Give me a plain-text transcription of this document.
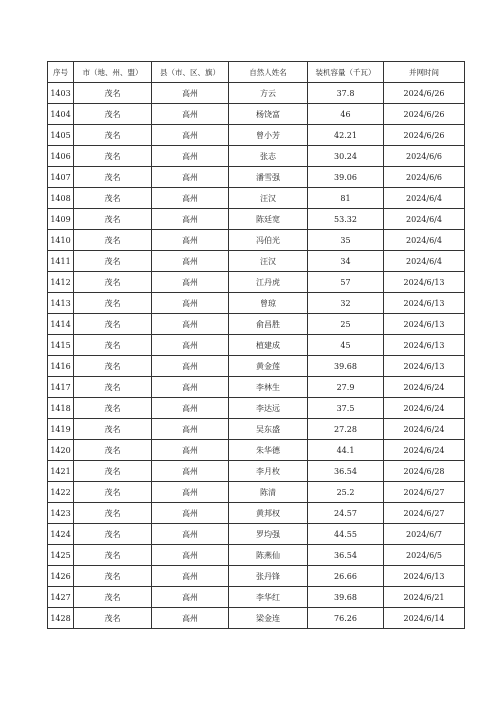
序号	市（地、州、盟）	县（市、区、旗）	自然人姓名	装机容量（千瓦）	并网时间
1403	茂名	高州	方云	37.8	2024/6/26
1404	茂名	高州	杨饶富	46	2024/6/26
1405	茂名	高州	曾小芳	42.21	2024/6/26
1406	茂名	高州	张志	30.24	2024/6/6
1407	茂名	高州	潘雪强	39.06	2024/6/6
1408	茂名	高州	汪汉	81	2024/6/4
1409	茂名	高州	陈廷宽	53.32	2024/6/4
1410	茂名	高州	冯伯光	35	2024/6/4
1411	茂名	高州	汪汉	34	2024/6/4
1412	茂名	高州	江丹虎	57	2024/6/13
1413	茂名	高州	曾琼	32	2024/6/13
1414	茂名	高州	俞昌胜	25	2024/6/13
1415	茂名	高州	植建成	45	2024/6/13
1416	茂名	高州	黄金莲	39.68	2024/6/13
1417	茂名	高州	李林生	27.9	2024/6/24
1418	茂名	高州	李达远	37.5	2024/6/24
1419	茂名	高州	吴东盛	27.28	2024/6/24
1420	茂名	高州	朱华德	44.1	2024/6/24
1421	茂名	高州	李月枚	36.54	2024/6/28
1422	茂名	高州	陈清	25.2	2024/6/27
1423	茂名	高州	黄邦权	24.57	2024/6/27
1424	茂名	高州	罗均强	44.55	2024/6/7
1425	茂名	高州	陈燕仙	36.54	2024/6/5
1426	茂名	高州	张丹锋	26.66	2024/6/13
1427	茂名	高州	李华红	39.68	2024/6/21
1428	茂名	高州	梁金连	76.26	2024/6/14
